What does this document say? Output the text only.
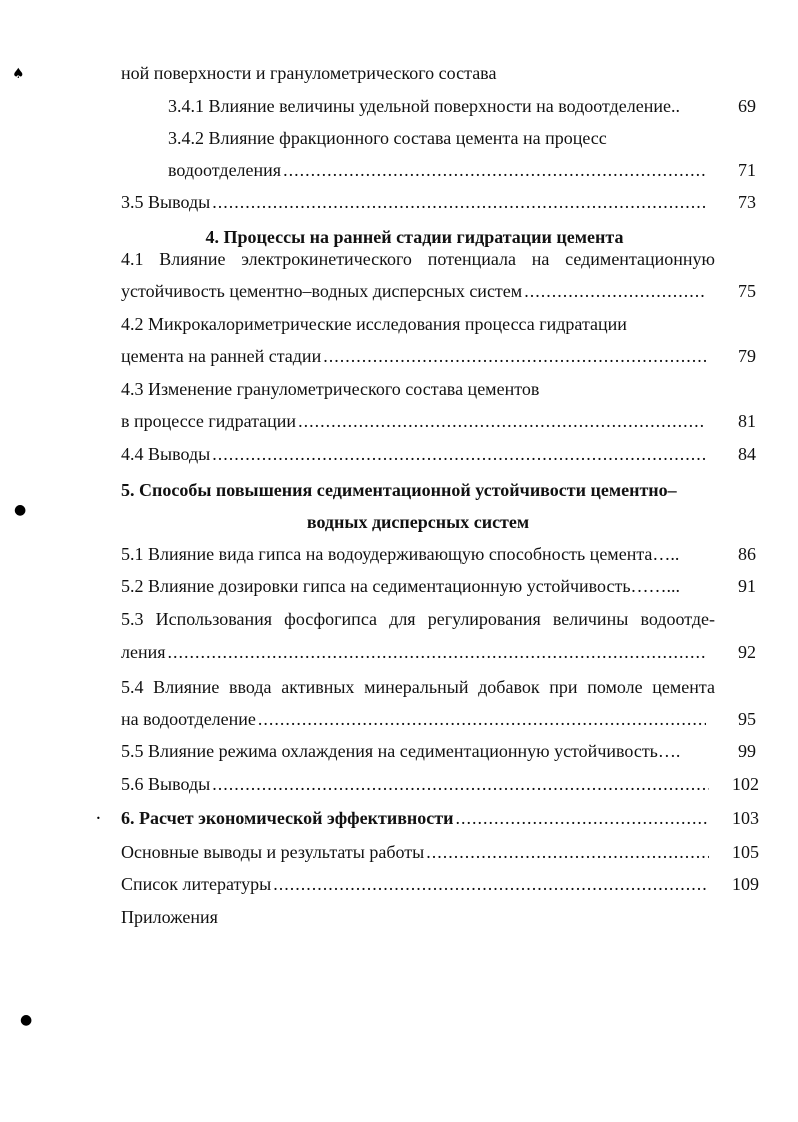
♠
●
●
•
ной поверхности и гранулометрического состава
3.4.1 Влияние величины удельной поверхности на водоотделение..	69
3.4.2 Влияние фракционного состава цемента на процесс
водоотделения .....	71
3.5 Выводы .....	73
4. Процессы на ранней стадии гидратации цемента
4.1 Влияние электрокинетического потенциала на седиментационную
устойчивость цементно–водных дисперсных систем .....	75
4.2 Микрокалориметрические исследования процесса гидратации
цемента на ранней стадии .....	79
4.3 Изменение гранулометрического состава цементов
в процессе гидратации .....	81
4.4 Выводы .....	84
5. Способы повышения седиментационной устойчивости цементно–
водных дисперсных систем
5.1 Влияние вида гипса на водоудерживающую способность цемента…..	86
5.2 Влияние дозировки гипса на седиментационную устойчивость……...	91
5.3 Использования фосфогипса для регулирования величины водоотде-
ления .....	92
5.4 Влияние ввода активных минеральный добавок при помоле цемента
на водоотделение .....	95
5.5 Влияние режима охлаждения на седиментационную устойчивость….	99
5.6 Выводы .....	102
6. Расчет экономической эффективности .....	103
Основные выводы и результаты работы .....	105
Список литературы .....	109
Приложения
